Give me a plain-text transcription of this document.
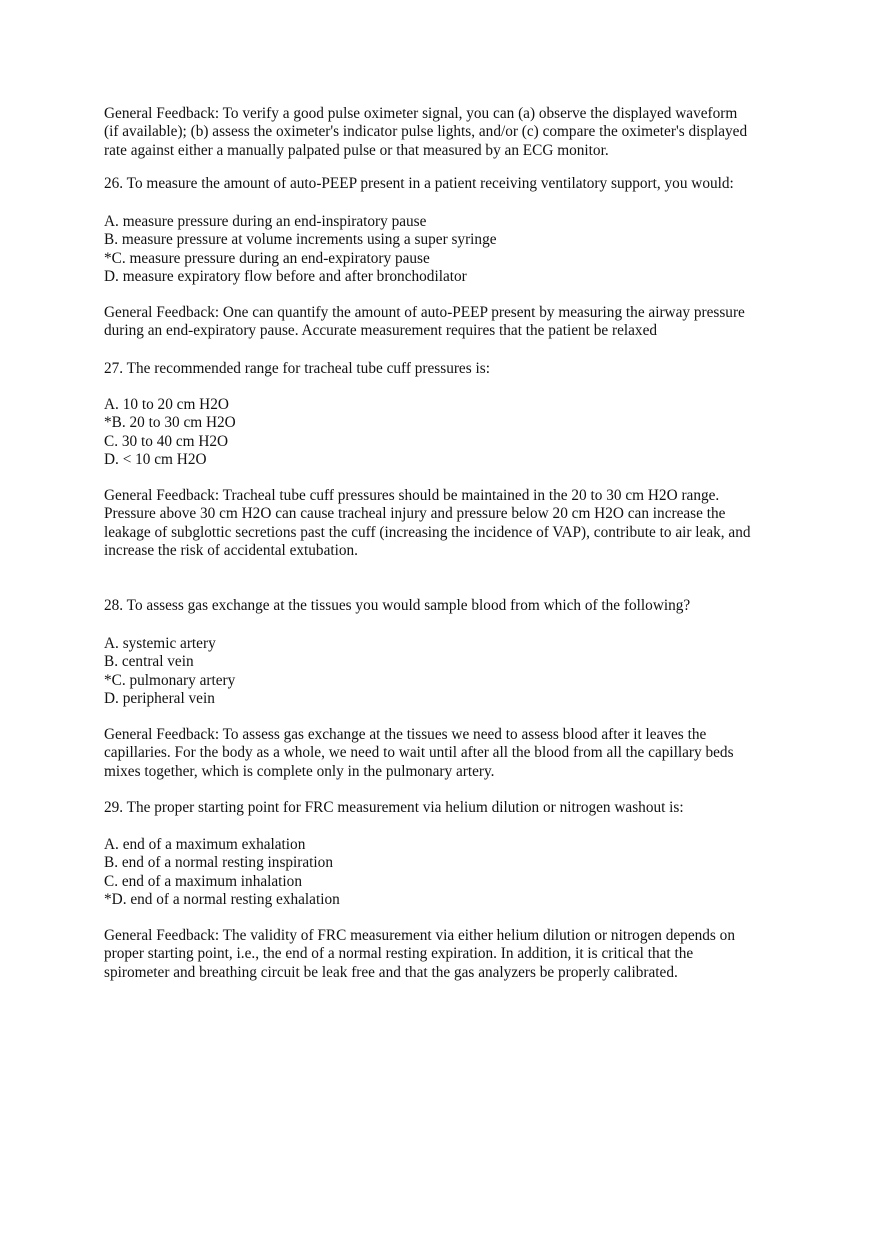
General Feedback: To verify a good pulse oximeter signal, you can (a) observe the displayed waveform
(if available); (b) assess the oximeter's indicator pulse lights, and/or (c) compare the oximeter's displayed
rate against either a manually palpated pulse or that measured by an ECG monitor.
26. To measure the amount of auto-PEEP present in a patient receiving ventilatory support, you would:
A. measure pressure during an end-inspiratory pause
B. measure pressure at volume increments using a super syringe
*C. measure pressure during an end-expiratory pause
D. measure expiratory flow before and after bronchodilator
General Feedback: One can quantify the amount of auto-PEEP present by measuring the airway pressure
during an end-expiratory pause. Accurate measurement requires that the patient be relaxed
27. The recommended range for tracheal tube cuff pressures is:
A. 10 to 20 cm H2O
*B. 20 to 30 cm H2O
C. 30 to 40 cm H2O
D. < 10 cm H2O
General Feedback: Tracheal tube cuff pressures should be maintained in the 20 to 30 cm H2O range.
Pressure above 30 cm H2O can cause tracheal injury and pressure below 20 cm H2O can increase the
leakage of subglottic secretions past the cuff (increasing the incidence of VAP), contribute to air leak, and
increase the risk of accidental extubation.
28. To assess gas exchange at the tissues you would sample blood from which of the following?
A. systemic artery
B. central vein
*C. pulmonary artery
D. peripheral vein
General Feedback: To assess gas exchange at the tissues we need to assess blood after it leaves the
capillaries. For the body as a whole, we need to wait until after all the blood from all the capillary beds
mixes together, which is complete only in the pulmonary artery.
29. The proper starting point for FRC measurement via helium dilution or nitrogen washout is:
A. end of a maximum exhalation
B. end of a normal resting inspiration
C. end of a maximum inhalation
*D. end of a normal resting exhalation
General Feedback: The validity of FRC measurement via either helium dilution or nitrogen depends on
proper starting point, i.e., the end of a normal resting expiration. In addition, it is critical that the
spirometer and breathing circuit be leak free and that the gas analyzers be properly calibrated.
